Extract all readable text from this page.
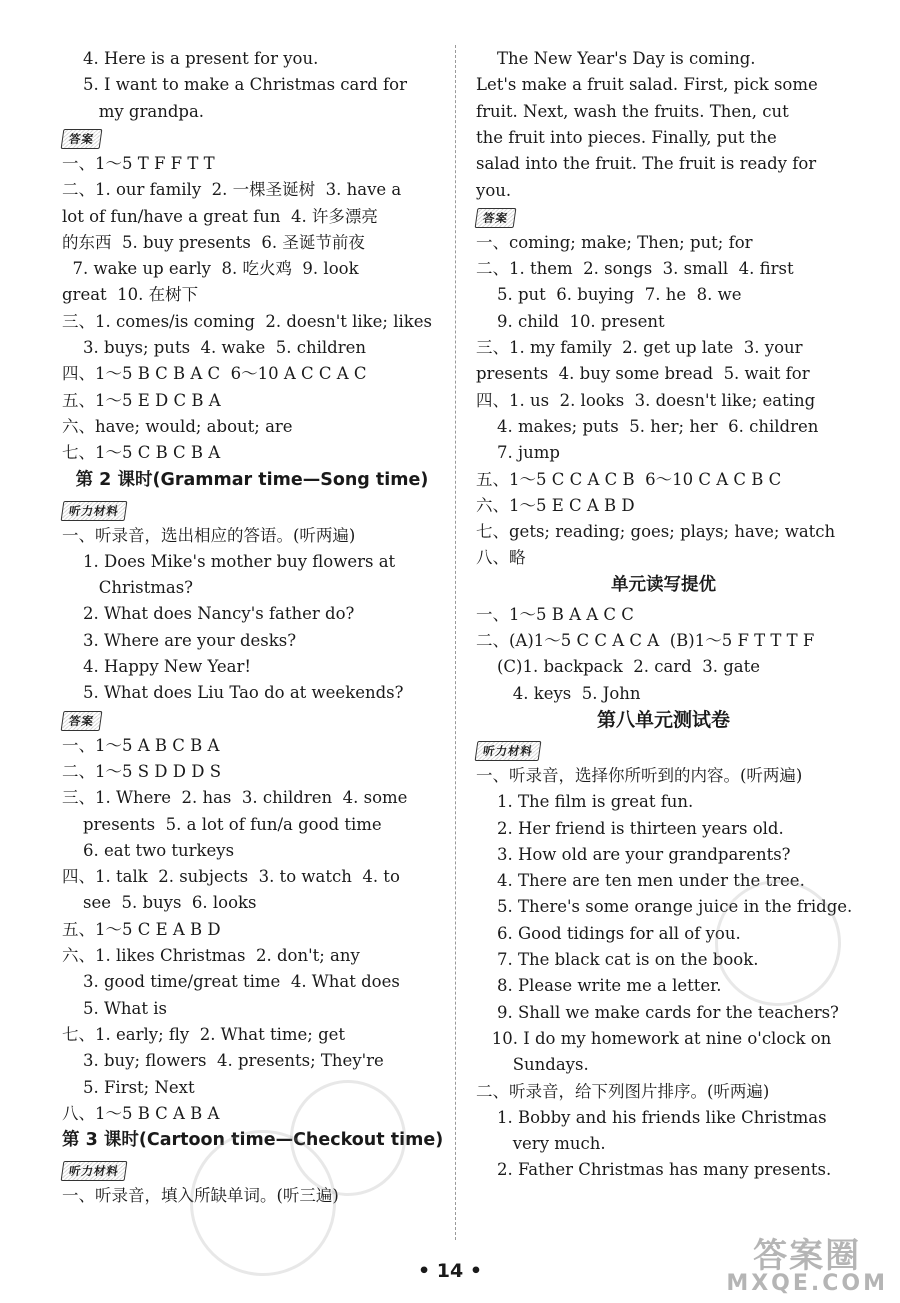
4. Here is a present for you.
5. I want to make a Christmas card for
my grandpa.
答案
一、1～5 T F F T T
二、1. our family  2. 一棵圣诞树  3. have a
lot of fun/have a great fun  4. 许多漂亮
的东西  5. buy presents  6. 圣诞节前夜
7. wake up early  8. 吃火鸡  9. look
great  10. 在树下
三、1. comes/is coming  2. doesn't like; likes
3. buys; puts  4. wake  5. children
四、1～5 B C B A C  6～10 A C C A C
五、1～5 E D C B A
六、have; would; about; are
七、1～5 C B C B A
第 2 课时(Grammar time—Song time)
听力材料
一、听录音，选出相应的答语。(听两遍)
1. Does Mike's mother buy flowers at
Christmas?
2. What does Nancy's father do?
3. Where are your desks?
4. Happy New Year!
5. What does Liu Tao do at weekends?
答案
一、1～5 A B C B A
二、1～5 S D D D S
三、1. Where  2. has  3. children  4. some
presents  5. a lot of fun/a good time
6. eat two turkeys
四、1. talk  2. subjects  3. to watch  4. to
see  5. buys  6. looks
五、1～5 C E A B D
六、1. likes Christmas  2. don't; any
3. good time/great time  4. What does
5. What is
七、1. early; fly  2. What time; get
3. buy; flowers  4. presents; They're
5. First; Next
八、1～5 B C A B A
第 3 课时(Cartoon time—Checkout time)
听力材料
一、听录音，填入所缺单词。(听三遍)
The New Year's Day is coming.
Let's make a fruit salad. First, pick some
fruit. Next, wash the fruits. Then, cut
the fruit into pieces. Finally, put the
salad into the fruit. The fruit is ready for
you.
答案
一、coming; make; Then; put; for
二、1. them  2. songs  3. small  4. first
5. put  6. buying  7. he  8. we
9. child  10. present
三、1. my family  2. get up late  3. your
presents  4. buy some bread  5. wait for
四、1. us  2. looks  3. doesn't like; eating
4. makes; puts  5. her; her  6. children
7. jump
五、1～5 C C A C B  6～10 C A C B C
六、1～5 E C A B D
七、gets; reading; goes; plays; have; watch
八、略
单元读写提优
一、1～5 B A A C C
二、(A)1～5 C C A C A  (B)1～5 F T T T F
(C)1. backpack  2. card  3. gate
4. keys  5. John
第八单元测试卷
听力材料
一、听录音，选择你所听到的内容。(听两遍)
1. The film is great fun.
2. Her friend is thirteen years old.
3. How old are your grandparents?
4. There are ten men under the tree.
5. There's some orange juice in the fridge.
6. Good tidings for all of you.
7. The black cat is on the book.
8. Please write me a letter.
9. Shall we make cards for the teachers?
10. I do my homework at nine o'clock on
Sundays.
二、听录音，给下列图片排序。(听两遍)
1. Bobby and his friends like Christmas
very much.
2. Father Christmas has many presents.
• 14 •	答案圈
MXQE.COM
